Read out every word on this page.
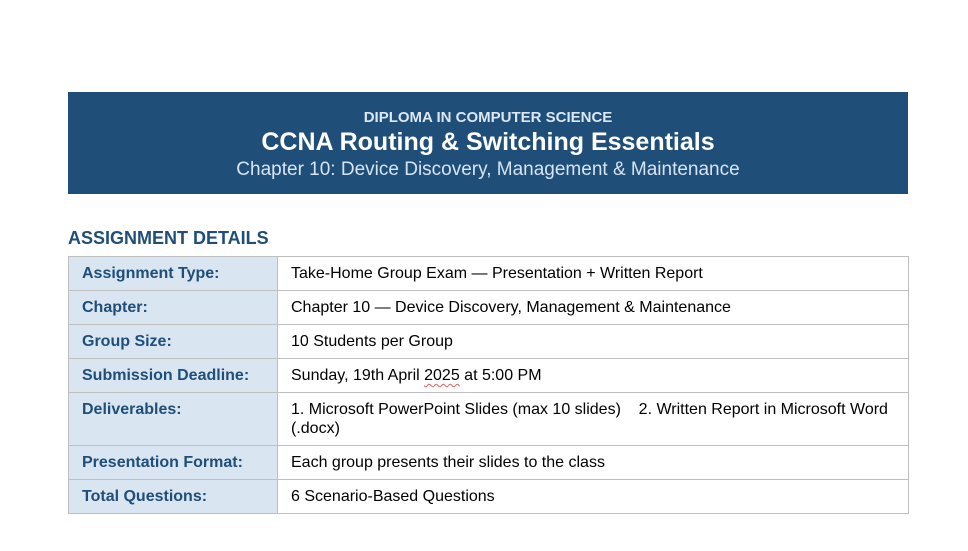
DIPLOMA IN COMPUTER SCIENCE
CCNA Routing & Switching Essentials
Chapter 10: Device Discovery, Management & Maintenance
ASSIGNMENT DETAILS
Assignment Type:	Take-Home Group Exam — Presentation + Written Report
Chapter:	Chapter 10 — Device Discovery, Management & Maintenance
Group Size:	10 Students per Group
Submission Deadline:	Sunday, 19th April 2025 at 5:00 PM
Deliverables:	1. Microsoft PowerPoint Slides (max 10 slides)    2. Written Report in Microsoft Word (.docx)
Presentation Format:	Each group presents their slides to the class
Total Questions:	6 Scenario-Based Questions
